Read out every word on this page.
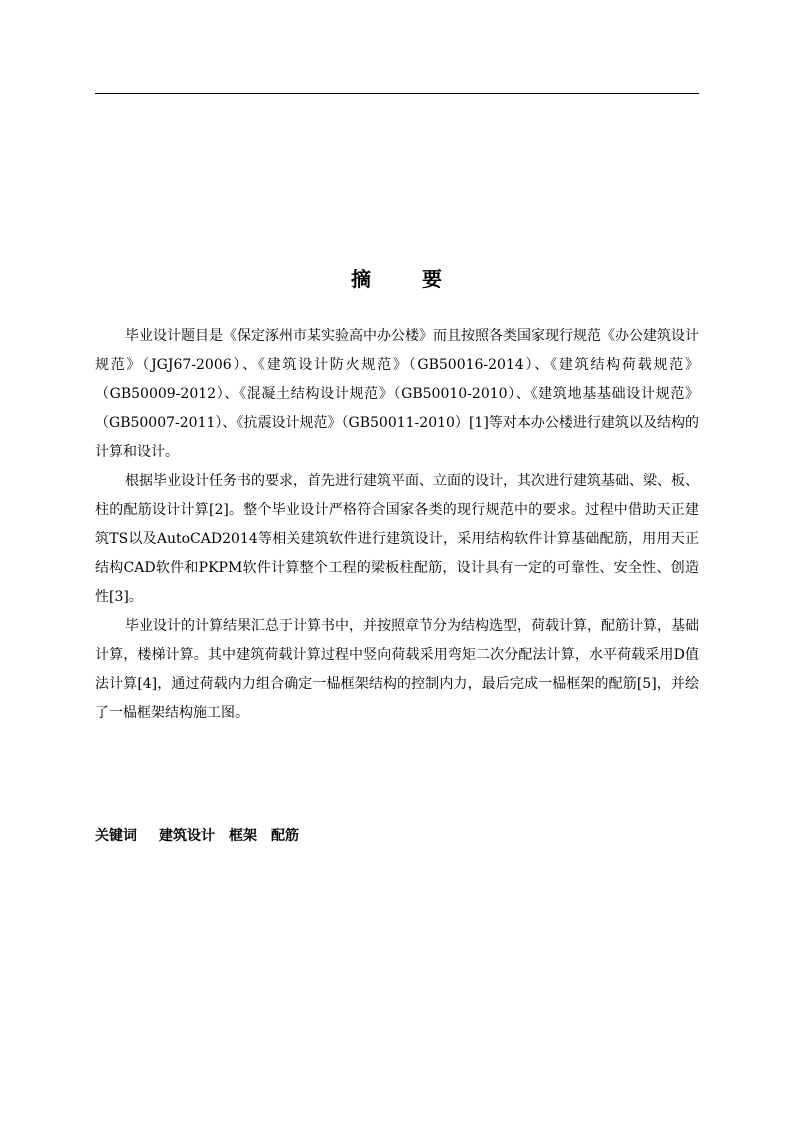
摘 要

毕业设计题目是《保定涿州市某实验高中办公楼》而且按照各类国家现行规范《办公建筑设计规范》（JGJ67-2006）、《建筑设计防火规范》（GB50016-2014）、《建筑结构荷载规范》（GB50009-2012）、《混凝土结构设计规范》（GB50010-2010）、《建筑地基基础设计规范》（GB50007-2011）、《抗震设计规范》（GB50011-2010）[1]等对本办公楼进行建筑以及结构的计算和设计。

根据毕业设计任务书的要求，首先进行建筑平面、立面的设计，其次进行建筑基础、梁、板、柱的配筋设计计算[2]。整个毕业设计严格符合国家各类的现行规范中的要求。过程中借助天正建筑TS以及AutoCAD2014等相关建筑软件进行建筑设计，采用结构软件计算基础配筋，用用天正结构CAD软件和PKPM软件计算整个工程的梁板柱配筋，设计具有一定的可靠性、安全性、创造性[3]。

毕业设计的计算结果汇总于计算书中，并按照章节分为结构选型，荷载计算，配筋计算，基础计算，楼梯计算。其中建筑荷载计算过程中竖向荷载采用弯矩二次分配法计算，水平荷载采用D值法计算[4]，通过荷载内力组合确定一榀框架结构的控制内力，最后完成一榀框架的配筋[5]，并绘了一榀框架结构施工图。

关键词 建筑设计 框架 配筋
